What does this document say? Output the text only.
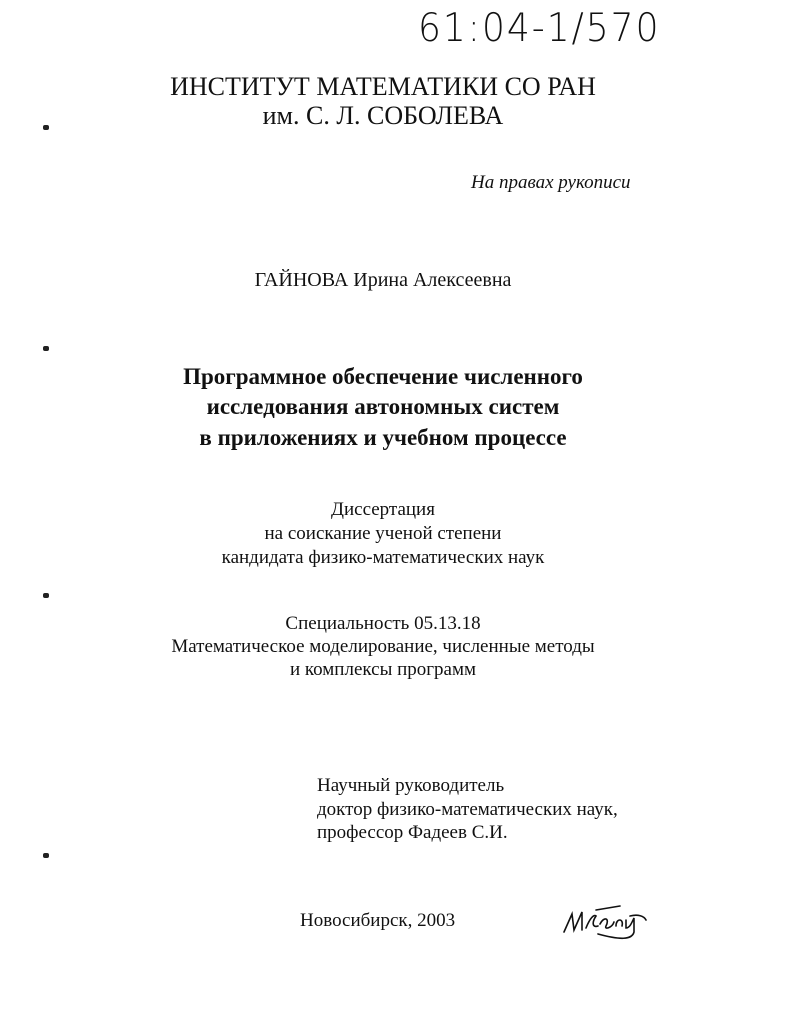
61:04-1/570
ИНСТИТУТ МАТЕМАТИКИ СО РАН
им. С. Л. СОБОЛЕВА
На правах рукописи
ГАЙНОВА Ирина Алексеевна
Программное обеспечение численного
исследования автономных систем
в приложениях и учебном процессе
Диссертация
на соискание ученой степени
кандидата физико-математических наук
Специальность 05.13.18
Математическое моделирование, численные методы
и комплексы программ
Научный руководитель
доктор физико-математических наук,
профессор Фадеев С.И.
Новосибирск, 2003
